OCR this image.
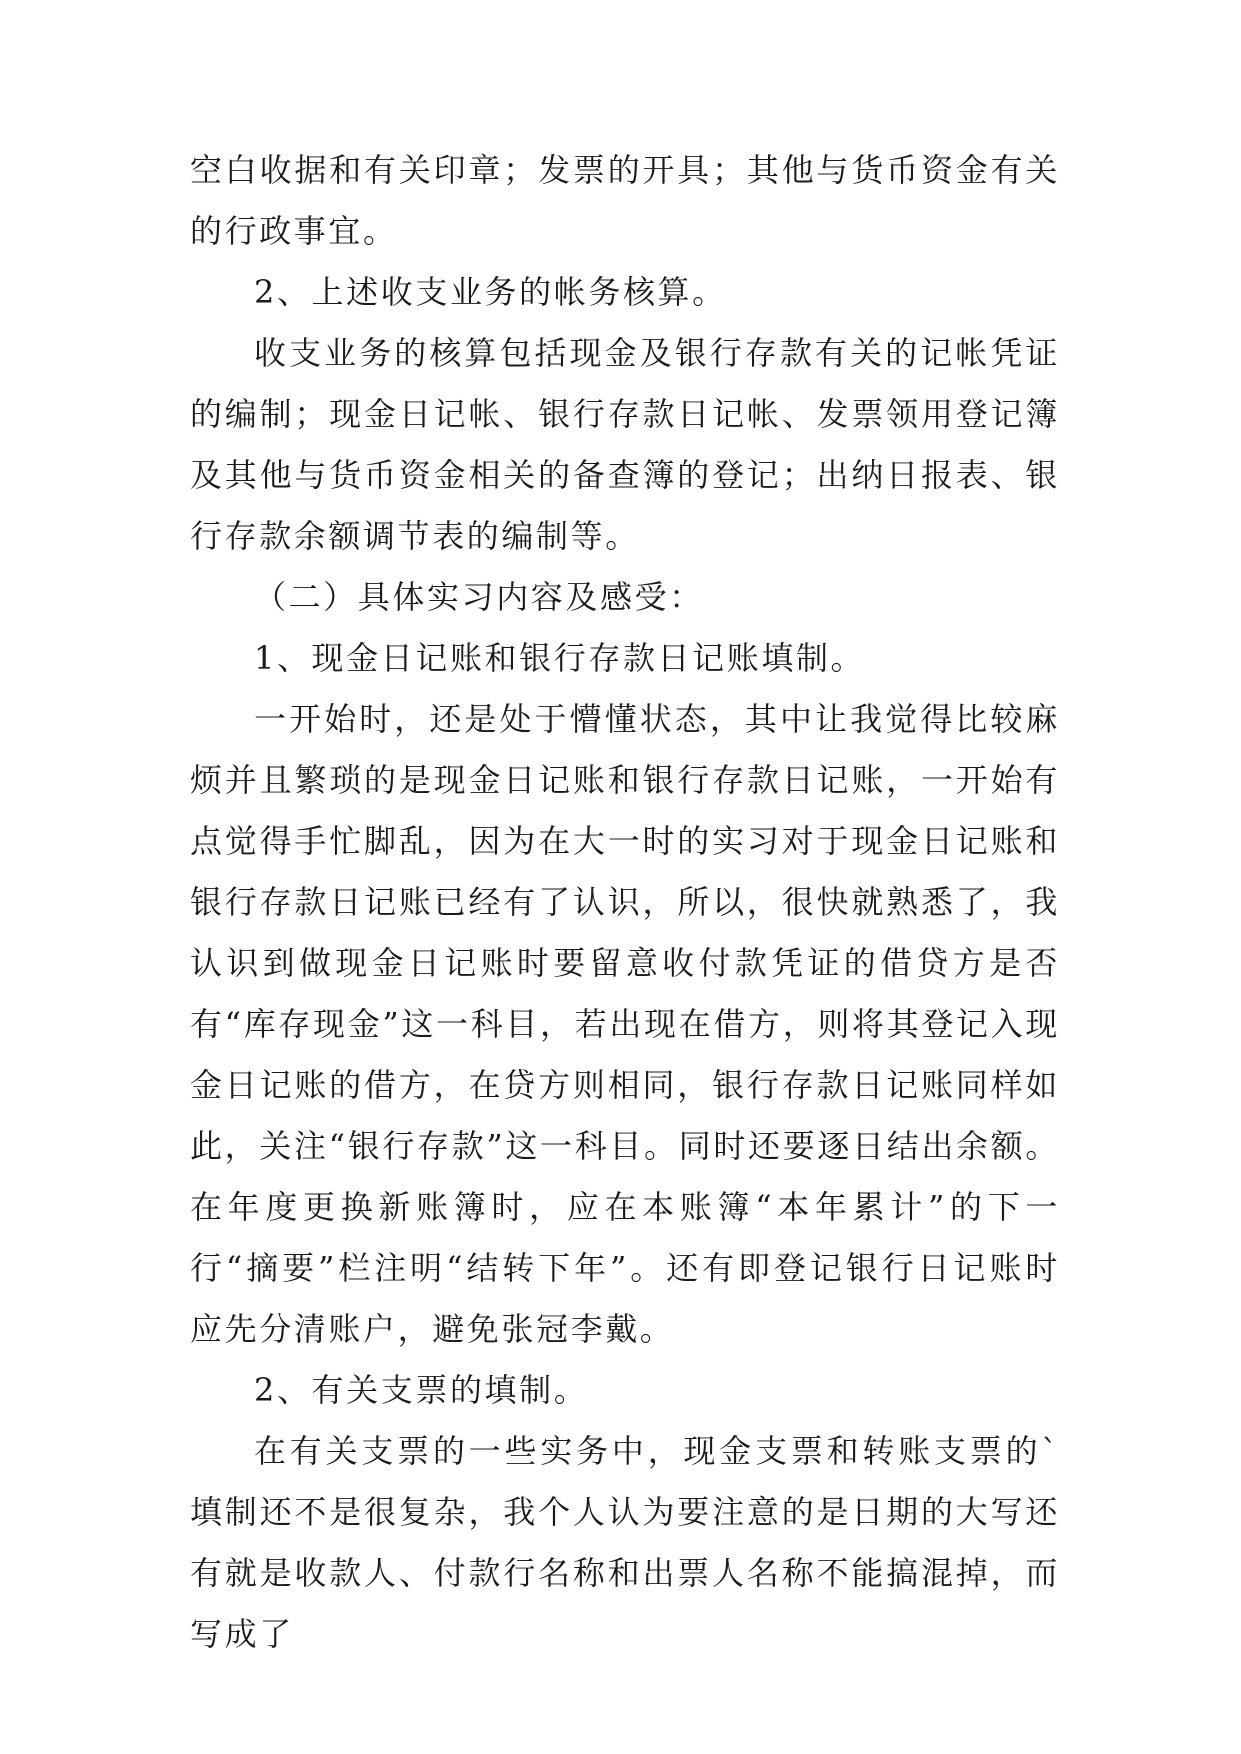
空白收据和有关印章；发票的开具；其他与货币资金有关的行政事宜。

2、上述收支业务的帐务核算。

收支业务的核算包括现金及银行存款有关的记帐凭证的编制；现金日记帐、银行存款日记帐、发票领用登记簿及其他与货币资金相关的备查簿的登记；出纳日报表、银行存款余额调节表的编制等。

（二）具体实习内容及感受：

1、现金日记账和银行存款日记账填制。

一开始时，还是处于懵懂状态，其中让我觉得比较麻烦并且繁琐的是现金日记账和银行存款日记账，一开始有点觉得手忙脚乱，因为在大一时的实习对于现金日记账和银行存款日记账已经有了认识，所以，很快就熟悉了，我认识到做现金日记账时要留意收付款凭证的借贷方是否有“库存现金”这一科目，若出现在借方，则将其登记入现金日记账的借方，在贷方则相同，银行存款日记账同样如此，关注“银行存款”这一科目。同时还要逐日结出余额。在年度更换新账簿时，应在本账簿“本年累计”的下一行“摘要”栏注明“结转下年”。还有即登记银行日记账时应先分清账户，避免张冠李戴。

2、有关支票的填制。

在有关支票的一些实务中，现金支票和转账支票的`填制还不是很复杂，我个人认为要注意的是日期的大写还有就是收款人、付款行名称和出票人名称不能搞混掉，而写成了
